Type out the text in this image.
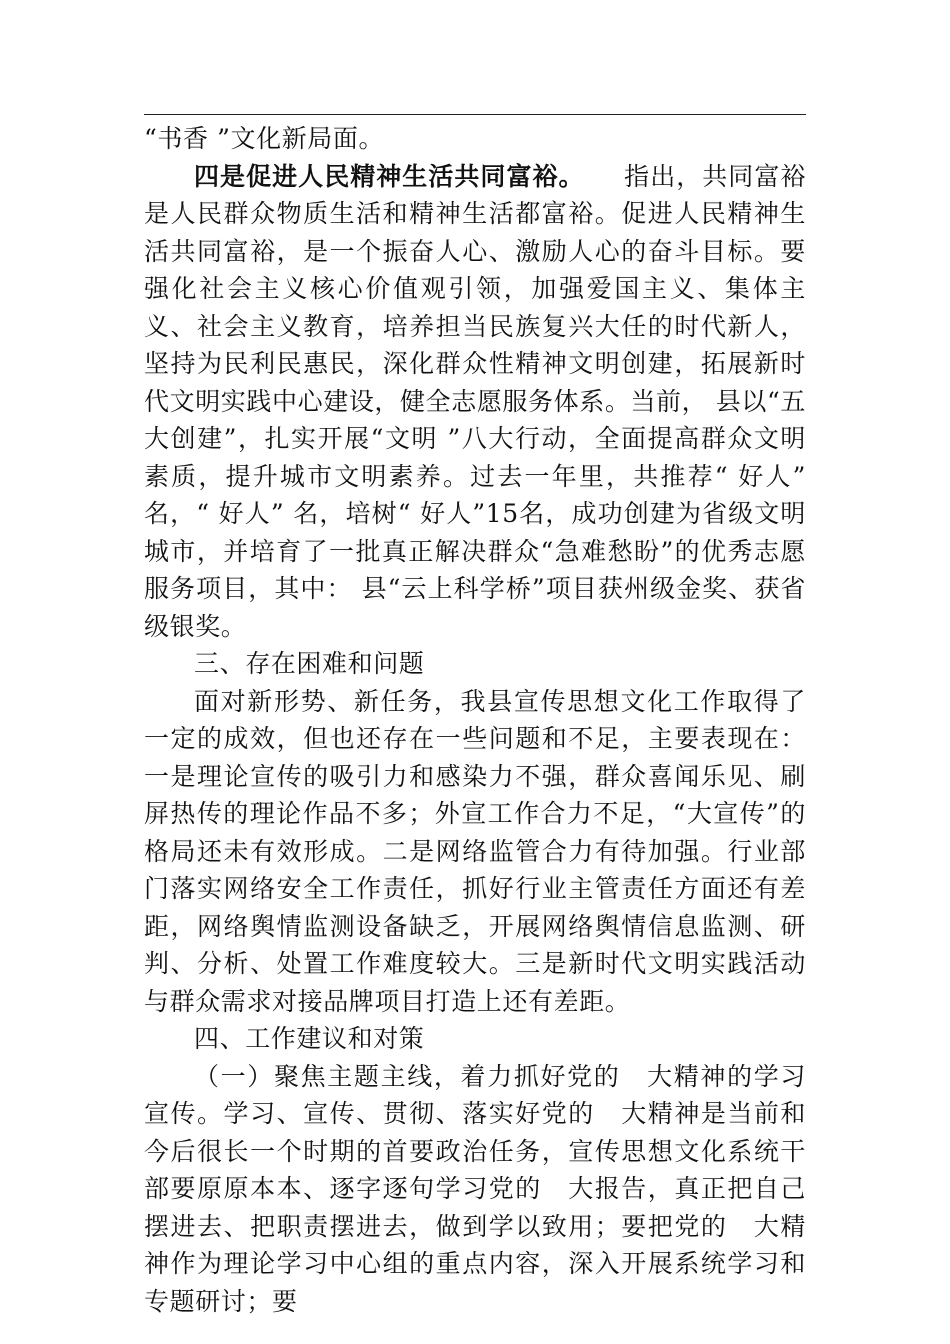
“书香 ”文化新局面。

四是促进人民精神生活共同富裕。　　指出，共同富裕是人民群众物质生活和精神生活都富裕。促进人民精神生活共同富裕，是一个振奋人心、激励人心的奋斗目标。要强化社会主义核心价值观引领，加强爱国主义、集体主义、社会主义教育，培养担当民族复兴大任的时代新人，坚持为民利民惠民，深化群众性精神文明创建，拓展新时代文明实践中心建设，健全志愿服务体系。当前， 县以“五大创建”，扎实开展“文明 ”八大行动，全面提高群众文明素质，提升城市文明素养。过去一年里，共推荐“ 好人” 名，“ 好人” 名，培树“ 好人”15名，成功创建为省级文明城市，并培育了一批真正解决群众“急难愁盼”的优秀志愿服务项目，其中： 县“云上科学桥”项目获州级金奖、获省级银奖。

三、存在困难和问题

面对新形势、新任务，我县宣传思想文化工作取得了一定的成效，但也还存在一些问题和不足，主要表现在：一是理论宣传的吸引力和感染力不强，群众喜闻乐见、刷屏热传的理论作品不多；外宣工作合力不足，“大宣传”的格局还未有效形成。二是网络监管合力有待加强。行业部门落实网络安全工作责任，抓好行业主管责任方面还有差距，网络舆情监测设备缺乏，开展网络舆情信息监测、研判、分析、处置工作难度较大。三是新时代文明实践活动与群众需求对接品牌项目打造上还有差距。

四、工作建议和对策

（一）聚焦主题主线，着力抓好党的　大精神的学习宣传。学习、宣传、贯彻、落实好党的　大精神是当前和今后很长一个时期的首要政治任务，宣传思想文化系统干部要原原本本、逐字逐句学习党的　大报告，真正把自己摆进去、把职责摆进去，做到学以致用；要把党的　大精神作为理论学习中心组的重点内容，深入开展系统学习和专题研讨；要
